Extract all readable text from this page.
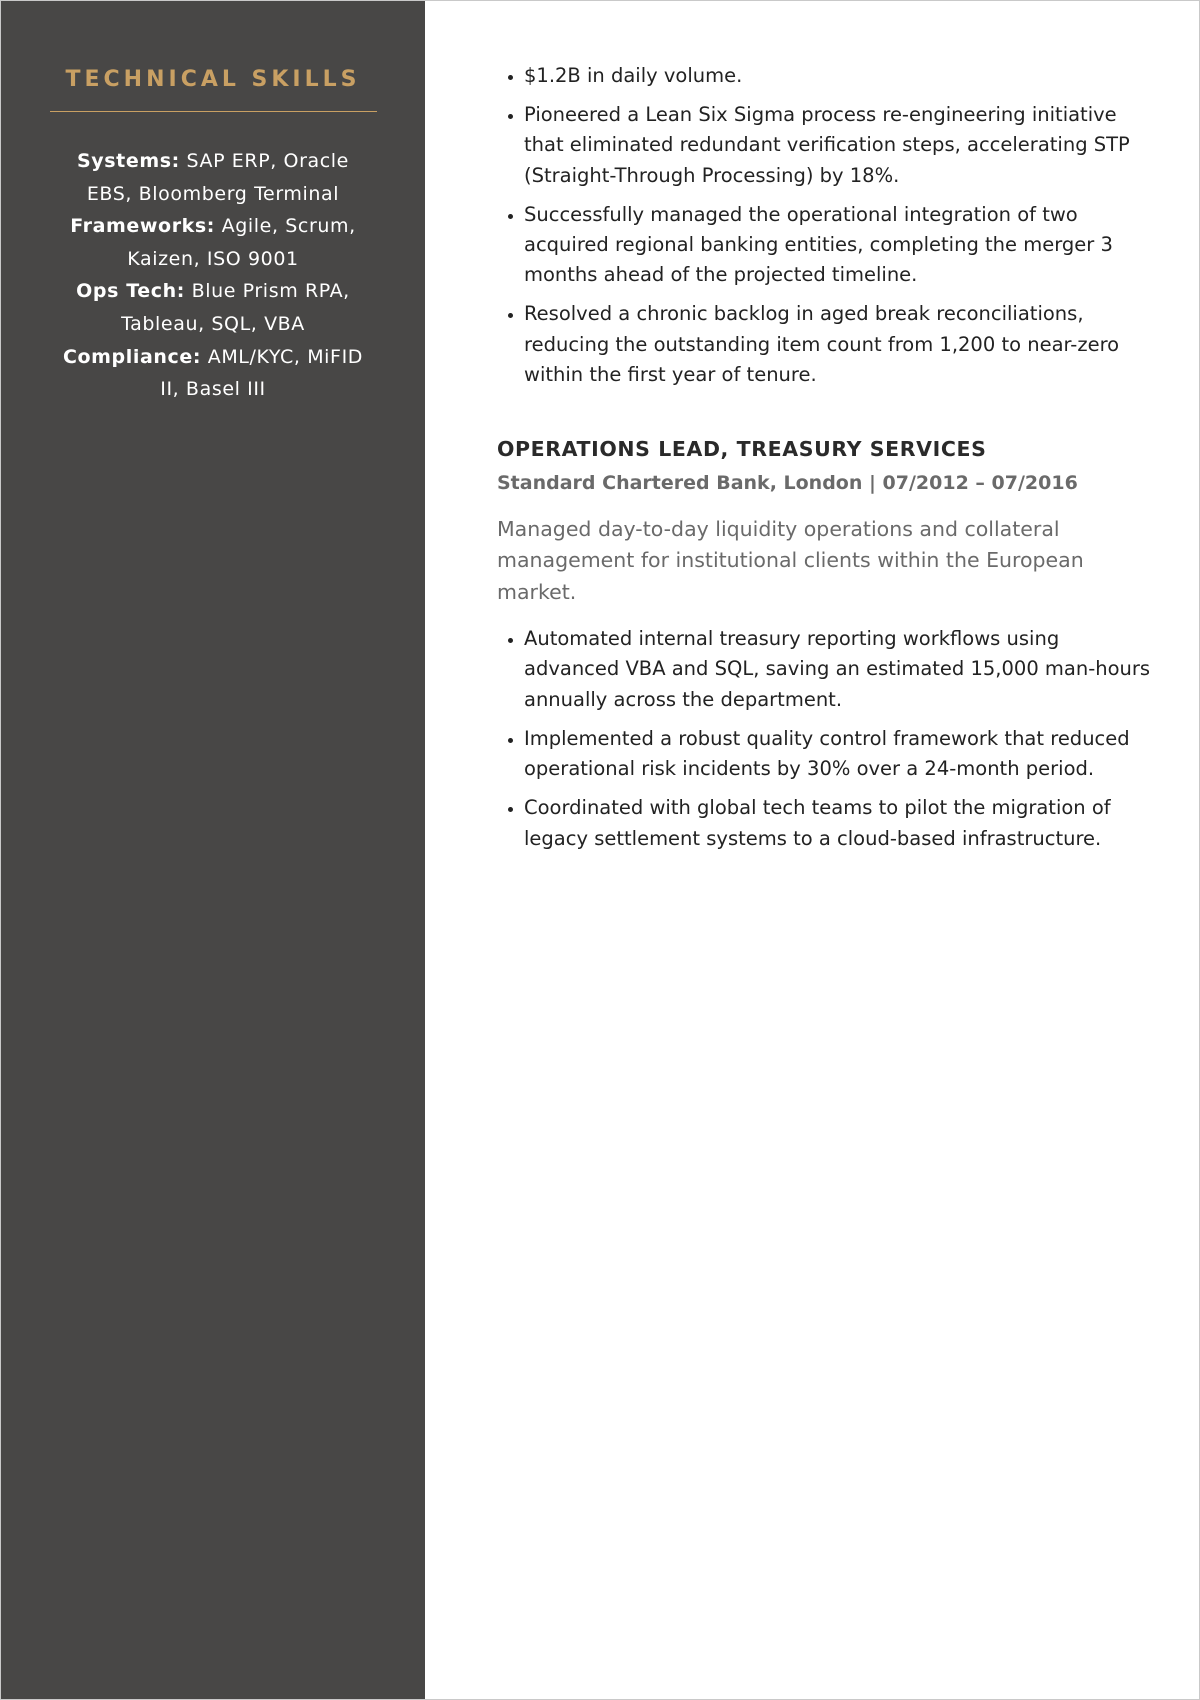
TECHNICAL SKILLS
Systems: SAP ERP, Oracle EBS, Bloomberg Terminal
Frameworks: Agile, Scrum, Kaizen, ISO 9001
Ops Tech: Blue Prism RPA, Tableau, SQL, VBA
Compliance: AML/KYC, MiFID II, Basel III
• $1.2B in daily volume.
• Pioneered a Lean Six Sigma process re-engineering initiative that eliminated redundant verification steps, accelerating STP (Straight-Through Processing) by 18%.
• Successfully managed the operational integration of two acquired regional banking entities, completing the merger 3 months ahead of the projected timeline.
• Resolved a chronic backlog in aged break reconciliations, reducing the outstanding item count from 1,200 to near-zero within the first year of tenure.
OPERATIONS LEAD, TREASURY SERVICES
Standard Chartered Bank, London | 07/2012 – 07/2016
Managed day-to-day liquidity operations and collateral management for institutional clients within the European market.
• Automated internal treasury reporting workflows using advanced VBA and SQL, saving an estimated 15,000 man-hours annually across the department.
• Implemented a robust quality control framework that reduced operational risk incidents by 30% over a 24-month period.
• Coordinated with global tech teams to pilot the migration of legacy settlement systems to a cloud-based infrastructure.
